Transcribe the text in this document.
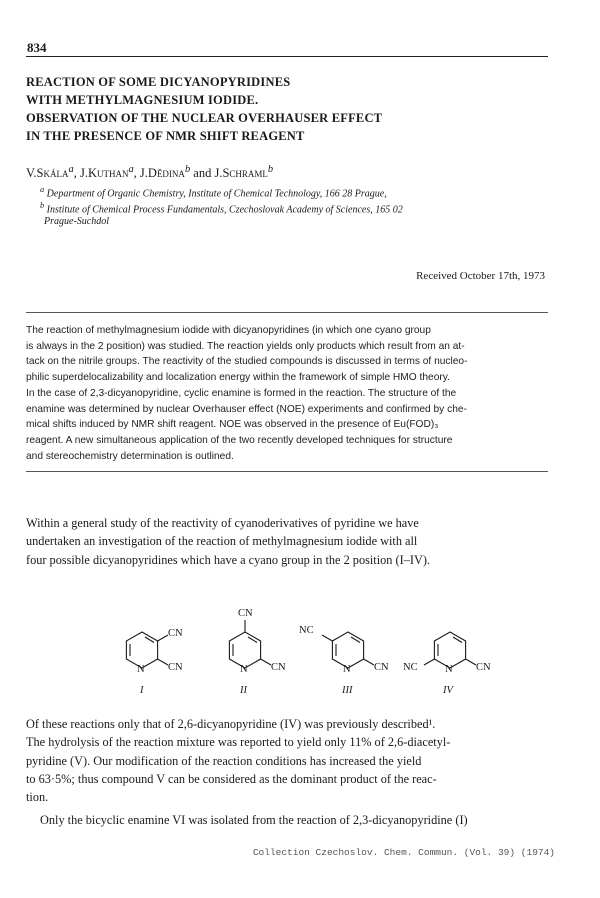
834
REACTION OF SOME DICYANOPYRIDINES
WITH METHYLMAGNESIUM IODIDE.
OBSERVATION OF THE NUCLEAR OVERHAUSER EFFECT
IN THE PRESENCE OF NMR SHIFT REAGENT
V.Skála$^a$, J.Kuthan$^a$, J.Dědina$^b$ and J.Schraml$^b$
$^a$ Department of Organic Chemistry, Institute of Chemical Technology, 166 28 Prague,
$^b$ Institute of Chemical Process Fundamentals, Czechoslovak Academy of Sciences, 165 02
Prague-Suchdol
Received October 17th, 1973
The reaction of methylmagnesium iodide with dicyanopyridines (in which one cyano group
is always in the 2 position) was studied. The reaction yields only products which result from an at-
tack on the nitrile groups. The reactivity of the studied compounds is discussed in terms of nucleo-
philic superdelocalizability and localization energy within the framework of simple HMO theory.
In the case of 2,3-dicyanopyridine, cyclic enamine is formed in the reaction. The structure of the
enamine was determined by nuclear Overhauser effect (NOE) experiments and confirmed by che-
mical shifts induced by NMR shift reagent. NOE was observed in the presence of Eu(FOD)₃
reagent. A new simultaneous application of the two recently developed techniques for structure
and stereochemistry determination is outlined.
Within a general study of the reactivity of cyanoderivatives of pyridine we have
undertaken an investigation of the reaction of methylmagnesium iodide with all
four possible dicyanopyridines which have a cyano group in the 2 position (I–IV).
CN
N CN
I
CN
N CN
II
NC
N CN
III
NC	N CN
IV
Of these reactions only that of 2,6-dicyanopyridine (IV) was previously described¹.
The hydrolysis of the reaction mixture was reported to yield only 11% of 2,6-diacetyl-
pyridine (V). Our modification of the reaction conditions has increased the yield
to 63·5%; thus compound V can be considered as the dominant product of the reac-
tion.
Only the bicyclic enamine VI was isolated from the reaction of 2,3-dicyanopyridine (I)
Collection Czechoslov. Chem. Commun. (Vol. 39) (1974)
